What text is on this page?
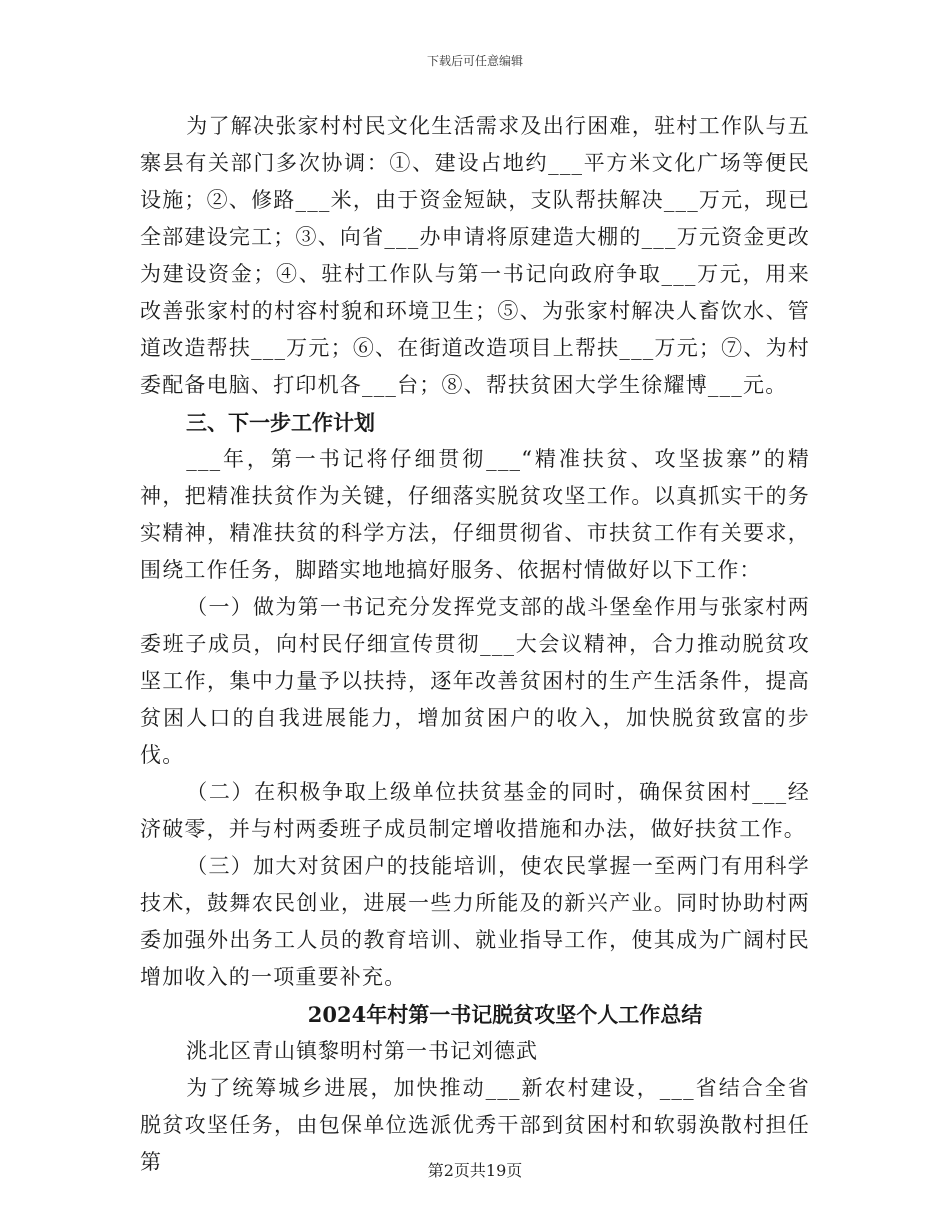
下载后可任意编辑

为了解决张家村村民文化生活需求及出行困难，驻村工作队与五寨县有关部门多次协调：①、建设占地约___平方米文化广场等便民设施；②、修路___米，由于资金短缺，支队帮扶解决___万元，现已全部建设完工；③、向省___办申请将原建造大棚的___万元资金更改为建设资金；④、驻村工作队与第一书记向政府争取___万元，用来改善张家村的村容村貌和环境卫生；⑤、为张家村解决人畜饮水、管道改造帮扶___万元；⑥、在街道改造项目上帮扶___万元；⑦、为村委配备电脑、打印机各___台；⑧、帮扶贫困大学生徐耀博___元。

三、下一步工作计划

___年，第一书记将仔细贯彻___“精准扶贫、攻坚拔寨”的精神，把精准扶贫作为关键，仔细落实脱贫攻坚工作。以真抓实干的务实精神，精准扶贫的科学方法，仔细贯彻省、市扶贫工作有关要求，围绕工作任务，脚踏实地地搞好服务、依据村情做好以下工作：

（一）做为第一书记充分发挥党支部的战斗堡垒作用与张家村两委班子成员，向村民仔细宣传贯彻___大会议精神，合力推动脱贫攻坚工作，集中力量予以扶持，逐年改善贫困村的生产生活条件，提高贫困人口的自我进展能力，增加贫困户的收入，加快脱贫致富的步伐。

（二）在积极争取上级单位扶贫基金的同时，确保贫困村___经济破零，并与村两委班子成员制定增收措施和办法，做好扶贫工作。

（三）加大对贫困户的技能培训，使农民掌握一至两门有用科学技术，鼓舞农民创业，进展一些力所能及的新兴产业。同时协助村两委加强外出务工人员的教育培训、就业指导工作，使其成为广阔村民增加收入的一项重要补充。

2024年村第一书记脱贫攻坚个人工作总结

洮北区青山镇黎明村第一书记刘德武

为了统筹城乡进展，加快推动___新农村建设，___省结合全省脱贫攻坚任务，由包保单位选派优秀干部到贫困村和软弱涣散村担任第	第2页共19页
